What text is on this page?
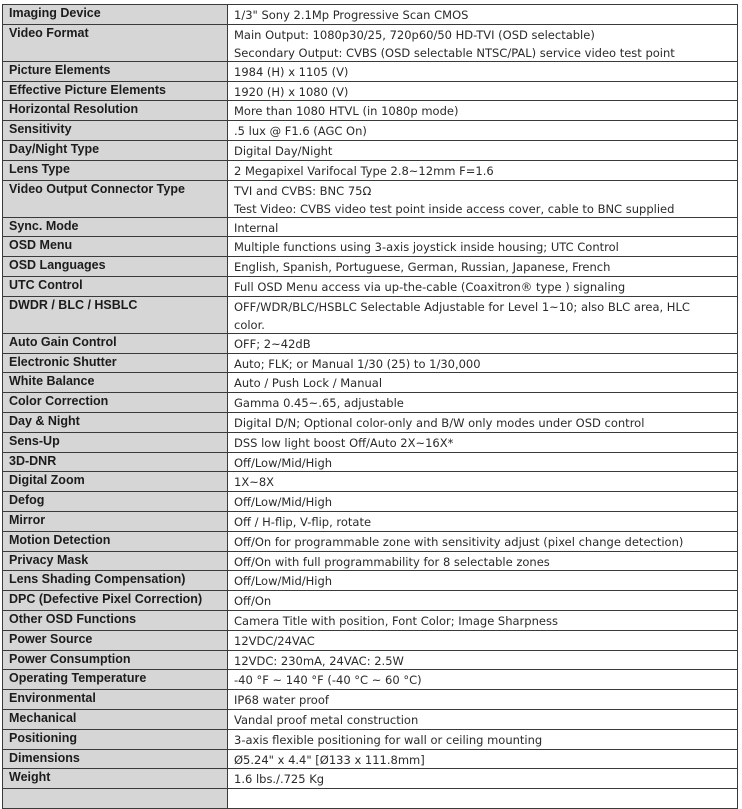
Imaging Device	1/3" Sony 2.1Mp Progressive Scan CMOS

Video Format	Main Output: 1080p30/25, 720p60/50 HD-TVI (OSD selectable)
Secondary Output: CVBS (OSD selectable NTSC/PAL) service video test point

Picture Elements	1984 (H) x 1105 (V)

Effective Picture Elements	1920 (H) x 1080 (V)

Horizontal Resolution	More than 1080 HTVL (in 1080p mode)

Sensitivity	.5 lux @ F1.6 (AGC On)

Day/Night Type	Digital Day/Night

Lens Type	2 Megapixel Varifocal Type 2.8~12mm F=1.6

Video Output Connector Type	TVI and CVBS: BNC 75Ω
Test Video: CVBS video test point inside access cover, cable to BNC supplied

Sync. Mode	Internal

OSD Menu	Multiple functions using 3-axis joystick inside housing; UTC Control

OSD Languages	English, Spanish, Portuguese, German, Russian, Japanese, French

UTC Control	Full OSD Menu access via up-the-cable (Coaxitron® type ) signaling

DWDR / BLC / HSBLC	OFF/WDR/BLC/HSBLC Selectable Adjustable for Level 1~10; also BLC area, HLC
color.

Auto Gain Control	OFF; 2~42dB

Electronic Shutter	Auto; FLK; or Manual 1/30 (25) to 1/30,000

White Balance	Auto / Push Lock / Manual

Color Correction	Gamma 0.45~.65, adjustable

Day & Night	Digital D/N; Optional color-only and B/W only modes under OSD control

Sens-Up	DSS low light boost Off/Auto 2X~16X*

3D-DNR	Off/Low/Mid/High

Digital Zoom	1X~8X

Defog	Off/Low/Mid/High

Mirror	Off / H-flip, V-flip, rotate

Motion Detection	Off/On for programmable zone with sensitivity adjust (pixel change detection)

Privacy Mask	Off/On with full programmability for 8 selectable zones

Lens Shading Compensation)	Off/Low/Mid/High

DPC (Defective Pixel Correction)	Off/On

Other OSD Functions	Camera Title with position, Font Color; Image Sharpness

Power Source	12VDC/24VAC

Power Consumption	12VDC: 230mA, 24VAC: 2.5W

Operating Temperature	-40 °F ~ 140 °F (-40 °C ~ 60 °C)

Environmental	IP68 water proof

Mechanical	Vandal proof metal construction

Positioning	3-axis flexible positioning for wall or ceiling mounting

Dimensions	Ø5.24" x 4.4" [Ø133 x 111.8mm]

Weight	1.6 lbs./.725 Kg
